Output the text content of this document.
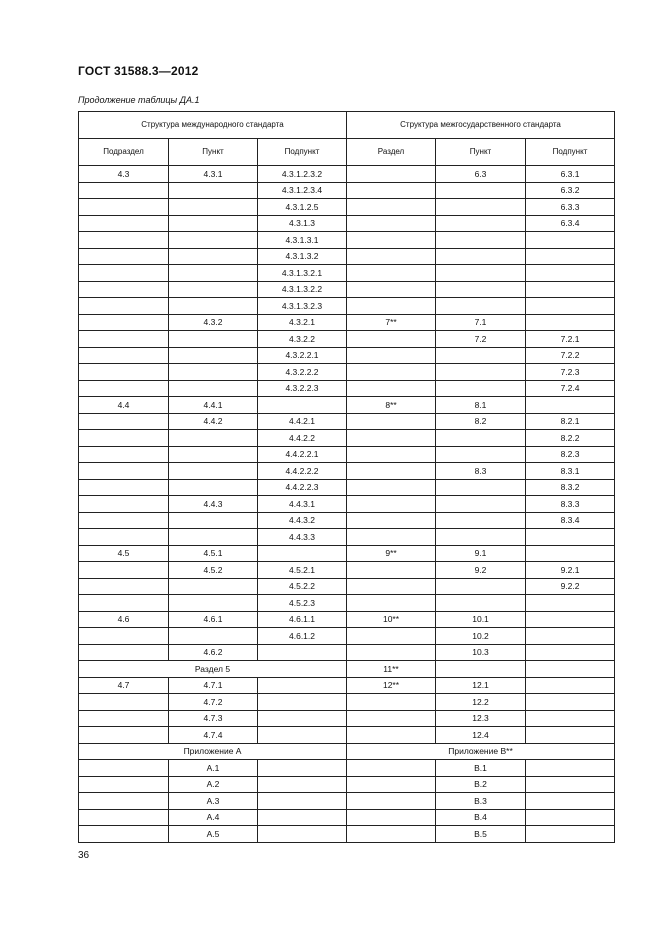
ГОСТ 31588.3—2012
Продолжение таблицы ДА.1
Структура международного стандарта			Структура межгосударственного стандарта		
Подраздел	Пункт	Подпункт	Раздел	Пункт	Подпункт
4.3	4.3.1	4.3.1.2.3.2		6.3	6.3.1
		4.3.1.2.3.4			6.3.2
		4.3.1.2.5			6.3.3
		4.3.1.3			6.3.4
		4.3.1.3.1			
		4.3.1.3.2			
		4.3.1.3.2.1			
		4.3.1.3.2.2			
		4.3.1.3.2.3			
	4.3.2	4.3.2.1	7**	7.1	
		4.3.2.2		7.2	7.2.1
		4.3.2.2.1			7.2.2
		4.3.2.2.2			7.2.3
		4.3.2.2.3			7.2.4
4.4	4.4.1		8**	8.1	
	4.4.2	4.4.2.1		8.2	8.2.1
		4.4.2.2			8.2.2
		4.4.2.2.1			8.2.3
		4.4.2.2.2		8.3	8.3.1
		4.4.2.2.3			8.3.2
	4.4.3	4.4.3.1			8.3.3
		4.4.3.2			8.3.4
		4.4.3.3			
4.5	4.5.1		9**	9.1	
	4.5.2	4.5.2.1		9.2	9.2.1
		4.5.2.2			9.2.2
		4.5.2.3			
4.6	4.6.1	4.6.1.1	10**	10.1	
		4.6.1.2		10.2	
	4.6.2			10.3	
Раздел 5			11**		
4.7	4.7.1		12**	12.1	
	4.7.2			12.2	
	4.7.3			12.3	
	4.7.4			12.4	
Приложение А			Приложение В**		
	А.1			В.1	
	А.2			В.2	
	А.3			В.3	
	А.4			В.4	
	А.5			В.5	
36
